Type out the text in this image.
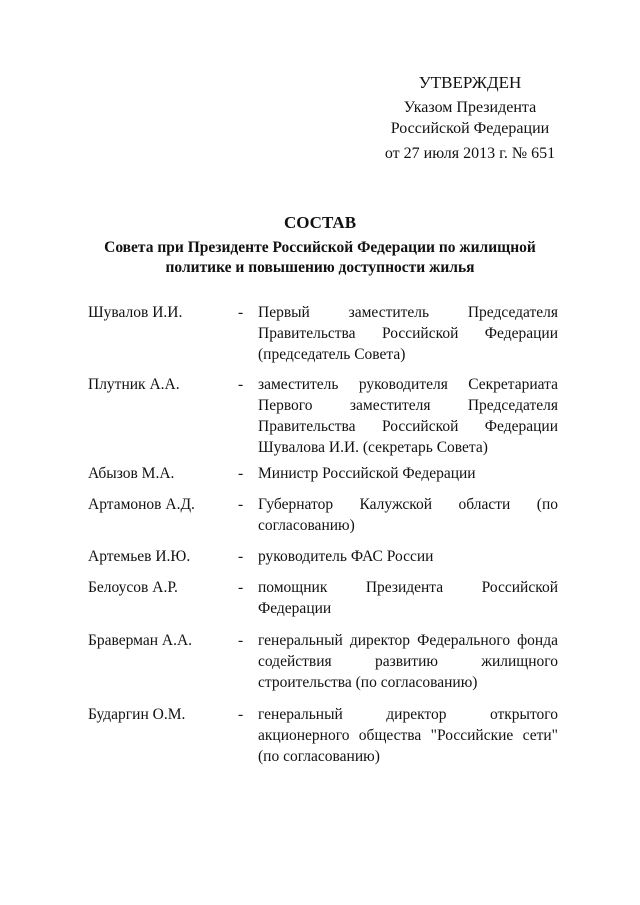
УТВЕРЖДЕН
Указом Президента
Российской Федерации
от 27 июля 2013 г. № 651
СОСТАВ
Совета при Президенте Российской Федерации по жилищной
политике и повышению доступности жилья
Шувалов И.И.	- Первый заместитель Председателя Правительства Российской Федерации (председатель Совета)
Плутник А.А.	- заместитель руководителя Секретариата Первого заместителя Председателя Правительства Российской Федерации Шувалова И.И. (секретарь Совета)
Абызов М.А.	- Министр Российской Федерации
Артамонов А.Д.	- Губернатор Калужской области (по согласованию)
Артемьев И.Ю.	- руководитель ФАС России
Белоусов А.Р.	- помощник Президента Российской Федерации
Браверман А.А.	- генеральный директор Федерального фонда содействия развитию жилищного строительства (по согласованию)
Бударгин О.М.	- генеральный директор открытого акционерного общества "Российские сети" (по согласованию)
